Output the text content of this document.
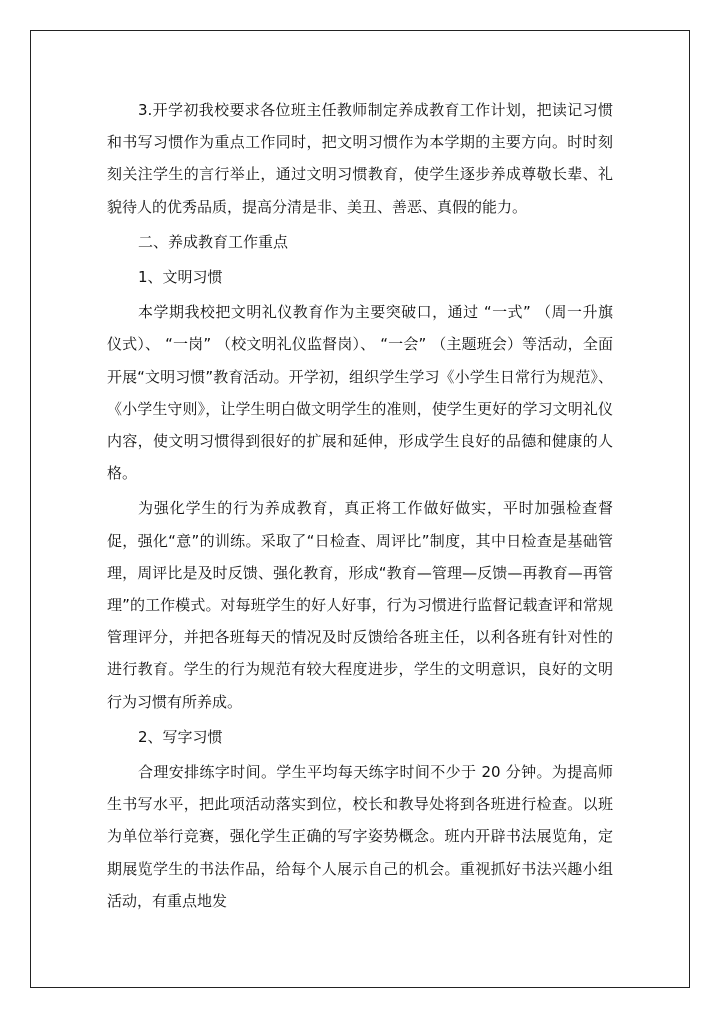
3.开学初我校要求各位班主任教师制定养成教育工作计划，把读记习惯和书写习惯作为重点工作同时，把文明习惯作为本学期的主要方向。时时刻刻关注学生的言行举止，通过文明习惯教育，使学生逐步养成尊敬长辈、礼貌待人的优秀品质，提高分清是非、美丑、善恶、真假的能力。

二、养成教育工作重点

1、文明习惯

本学期我校把文明礼仪教育作为主要突破口，通过 “一式” （周一升旗仪式）、 “一岗” （校文明礼仪监督岗）、 “一会” （主题班会）等活动，全面开展“文明习惯”教育活动。开学初，组织学生学习《小学生日常行为规范》、《小学生守则》，让学生明白做文明学生的准则，使学生更好的学习文明礼仪内容，使文明习惯得到很好的扩展和延伸，形成学生良好的品德和健康的人格。

为强化学生的行为养成教育，真正将工作做好做实，平时加强检查督促，强化“意”的训练。采取了“日检查、周评比”制度，其中日检查是基础管理，周评比是及时反馈、强化教育，形成“教育—管理—反馈—再教育—再管理”的工作模式。对每班学生的好人好事，行为习惯进行监督记载查评和常规管理评分，并把各班每天的情况及时反馈给各班主任，以利各班有针对性的进行教育。学生的行为规范有较大程度进步，学生的文明意识，良好的文明行为习惯有所养成。

2、写字习惯

合理安排练字时间。学生平均每天练字时间不少于 20 分钟。为提高师生书写水平，把此项活动落实到位，校长和教导处将到各班进行检查。以班为单位举行竞赛，强化学生正确的写字姿势概念。班内开辟书法展览角，定期展览学生的书法作品，给每个人展示自己的机会。重视抓好书法兴趣小组活动，有重点地发
